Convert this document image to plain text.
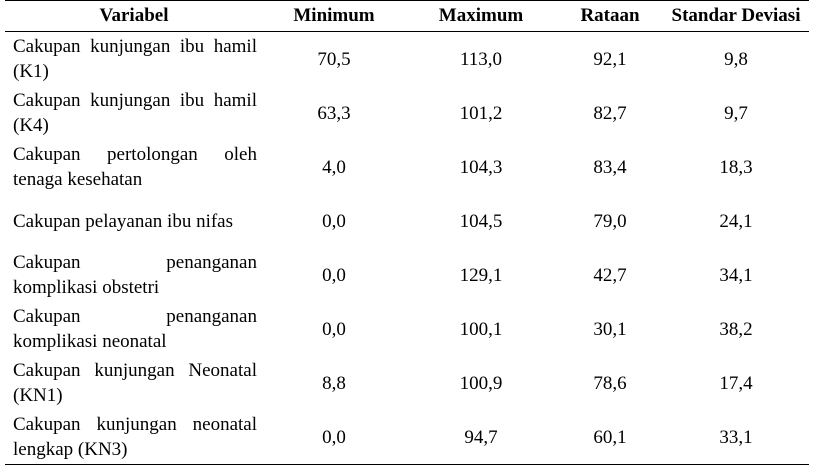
Variabel	Minimum	Maximum	Rataan	Standar Deviasi
Cakupan kunjungan ibu hamil (K1)	70,5	113,0	92,1	9,8
Cakupan kunjungan ibu hamil (K4)	63,3	101,2	82,7	9,7
Cakupan pertolongan oleh tenaga kesehatan	4,0	104,3	83,4	18,3
Cakupan pelayanan ibu nifas	0,0	104,5	79,0	24,1
Cakupan penanganan komplikasi obstetri	0,0	129,1	42,7	34,1
Cakupan penanganan komplikasi neonatal	0,0	100,1	30,1	38,2
Cakupan kunjungan Neonatal (KN1)	8,8	100,9	78,6	17,4
Cakupan kunjungan neonatal lengkap (KN3)	0,0	94,7	60,1	33,1
